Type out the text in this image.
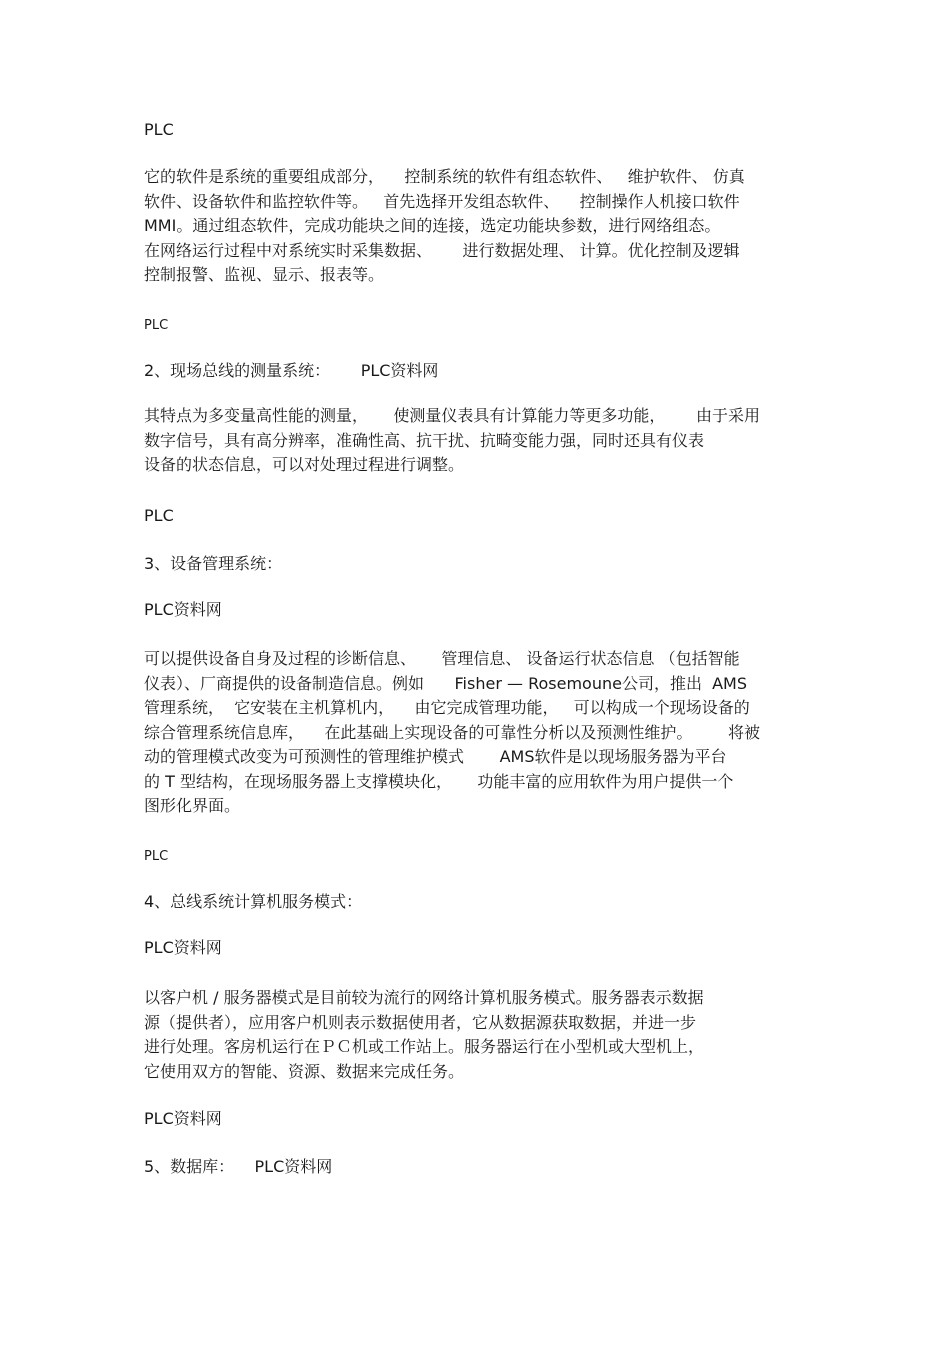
PLC
它的软件是系统的重要组成部分，    控制系统的软件有组态软件、   维护软件、 仿真
软件、设备软件和监控软件等。   首先选择开发组态软件、    控制操作人机接口软件
MMI。通过组态软件，完成功能块之间的连接，选定功能块参数，进行网络组态。
在网络运行过程中对系统实时采集数据、      进行数据处理、 计算。优化控制及逻辑
控制报警、监视、显示、报表等。
PLC
2、现场总线的测量系统：      PLC资料网
其特点为多变量高性能的测量，     使测量仪表具有计算能力等更多功能，      由于采用
数字信号，具有高分辨率，准确性高、抗干扰、抗畸变能力强，同时还具有仪表
设备的状态信息，可以对处理过程进行调整。
PLC
3、设备管理系统：
PLC资料网
可以提供设备自身及过程的诊断信息、     管理信息、 设备运行状态信息 （包括智能
仪表）、厂商提供的设备制造信息。例如      Fisher — Rosemoune公司，推出  AMS
管理系统，  它安装在主机算机内，    由它完成管理功能，   可以构成一个现场设备的
综合管理系统信息库，    在此基础上实现设备的可靠性分析以及预测性维护。       将被
动的管理模式改变为可预测性的管理维护模式       AMS软件是以现场服务器为平台
的 T 型结构，在现场服务器上支撑模块化，     功能丰富的应用软件为用户提供一个
图形化界面。
PLC
4、总线系统计算机服务模式：
PLC资料网
以客户机 / 服务器模式是目前较为流行的网络计算机服务模式。服务器表示数据
源（提供者），应用客户机则表示数据使用者，它从数据源获取数据，并进一步
进行处理。客房机运行在ＰＣ机或工作站上。服务器运行在小型机或大型机上，
它使用双方的智能、资源、数据来完成任务。
PLC资料网
5、数据库：    PLC资料网
